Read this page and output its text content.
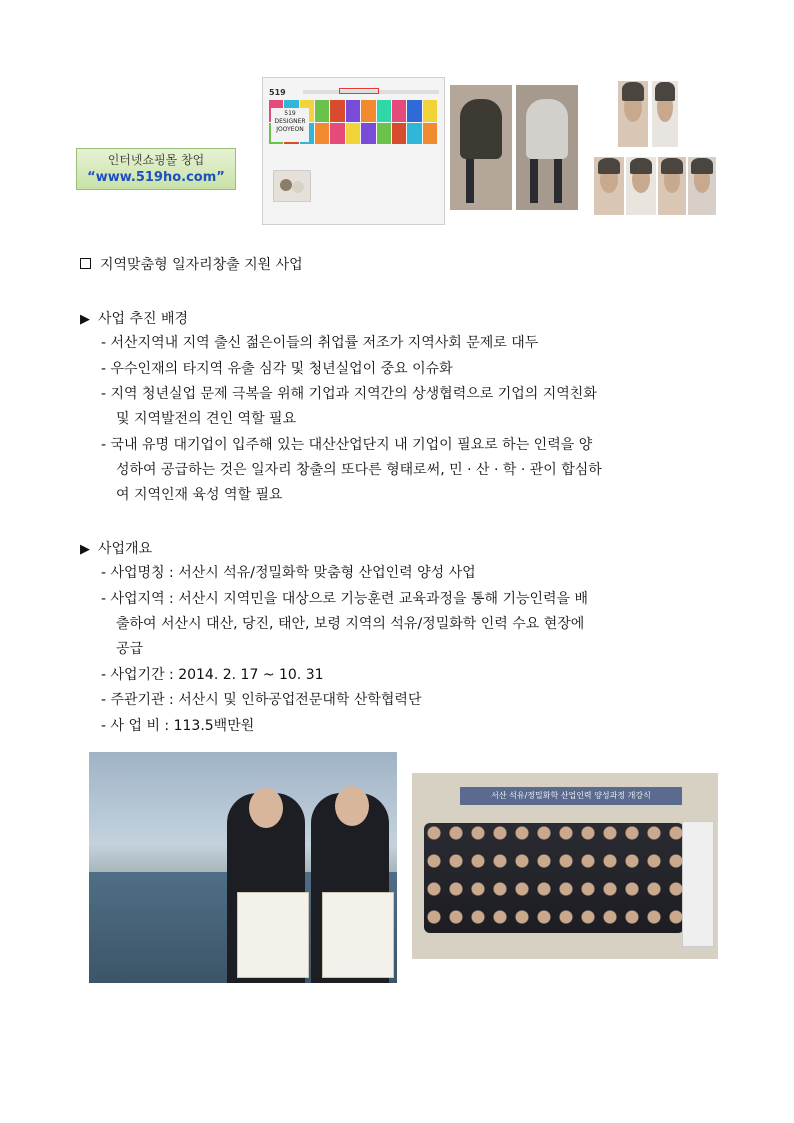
인터넷쇼핑몰 창업
“www.519ho.com”
519
519
DESIGNER
JOOYEON
지역맞춤형 일자리창출 지원 사업
▶ 사업 추진 배경
- 서산지역내 지역 출신 젊은이들의 취업률 저조가 지역사회 문제로 대두
- 우수인재의 타지역 유출 심각 및 청년실업이 중요 이슈화
- 지역 청년실업 문제 극복을 위해 기업과 지역간의 상생협력으로 기업의 지역친화
및 지역발전의 견인 역할 필요
- 국내 유명 대기업이 입주해 있는 대산산업단지 내 기업이 필요로 하는 인력을 양
성하여 공급하는 것은 일자리 창출의 또다른 형태로써, 민 · 산 · 학 · 관이 합심하
여 지역인재 육성 역할 필요
▶ 사업개요
- 사업명칭 : 서산시 석유/정밀화학 맞춤형 산업인력 양성 사업
- 사업지역 : 서산시 지역민을 대상으로 기능훈련 교육과정을 통해 기능인력을 배
출하여 서산시 대산, 당진, 태안, 보령 지역의 석유/정밀화학 인력 수요 현장에
공급
- 사업기간 : 2014. 2. 17 ~ 10. 31
- 주관기관 : 서산시 및 인하공업전문대학 산학협력단
- 사 업 비 : 113.5백만원
미디어투데이
서산 석유/정밀화학 산업인력 양성과정 개강식
